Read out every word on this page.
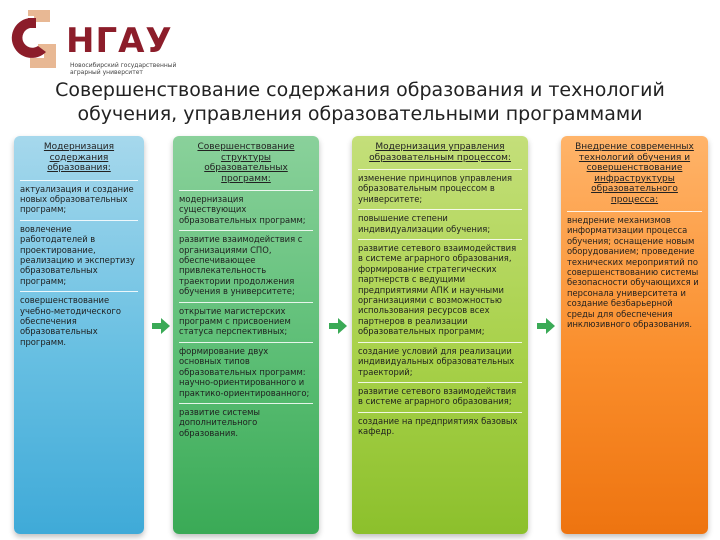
НГАУ
Новосибирский государственный аграрный университет
Совершенствование содержания образования и технологий
обучения, управления образовательными программами
Модернизация содержания образования:
актуализация и создание новых образовательных программ;
вовлечение работодателей в проектирование, реализацию и экспертизу образовательных программ;
совершенствование учебно-методического обеспечения образовательных программ.
Совершенствование структуры образовательных программ:
модернизация существующих образовательных программ;
развитие взаимодействия с организациями СПО, обеспечивающее привлекательность траектории продолжения обучения в университете;
открытие магистерских программ с присвоением статуса перспективных;
формирование двух основных типов образовательных программ: научно-ориентированного и практико-ориентированного;
развитие системы дополнительного образования.
Модернизация управления образовательным процессом:
изменение принципов управления образовательным процессом в университете;
повышение степени индивидуализации обучения;
развитие сетевого взаимодействия в системе аграрного образования, формирование стратегических партнерств с ведущими предприятиями АПК и научными организациями с возможностью использования ресурсов всех партнеров в реализации образовательных программ;
создание условий для реализации индивидуальных образовательных траекторий;
развитие сетевого взаимодействия в системе аграрного образования;
создание на предприятиях базовых кафедр.
Внедрение современных технологий обучения и совершенствование инфраструктуры образовательного процесса:
внедрение механизмов информатизации процесса обучения; оснащение новым оборудованием; проведение технических мероприятий по совершенствованию системы безопасности обучающихся и персонала университета и создание безбарьерной среды для обеспечения инклюзивного образования.
